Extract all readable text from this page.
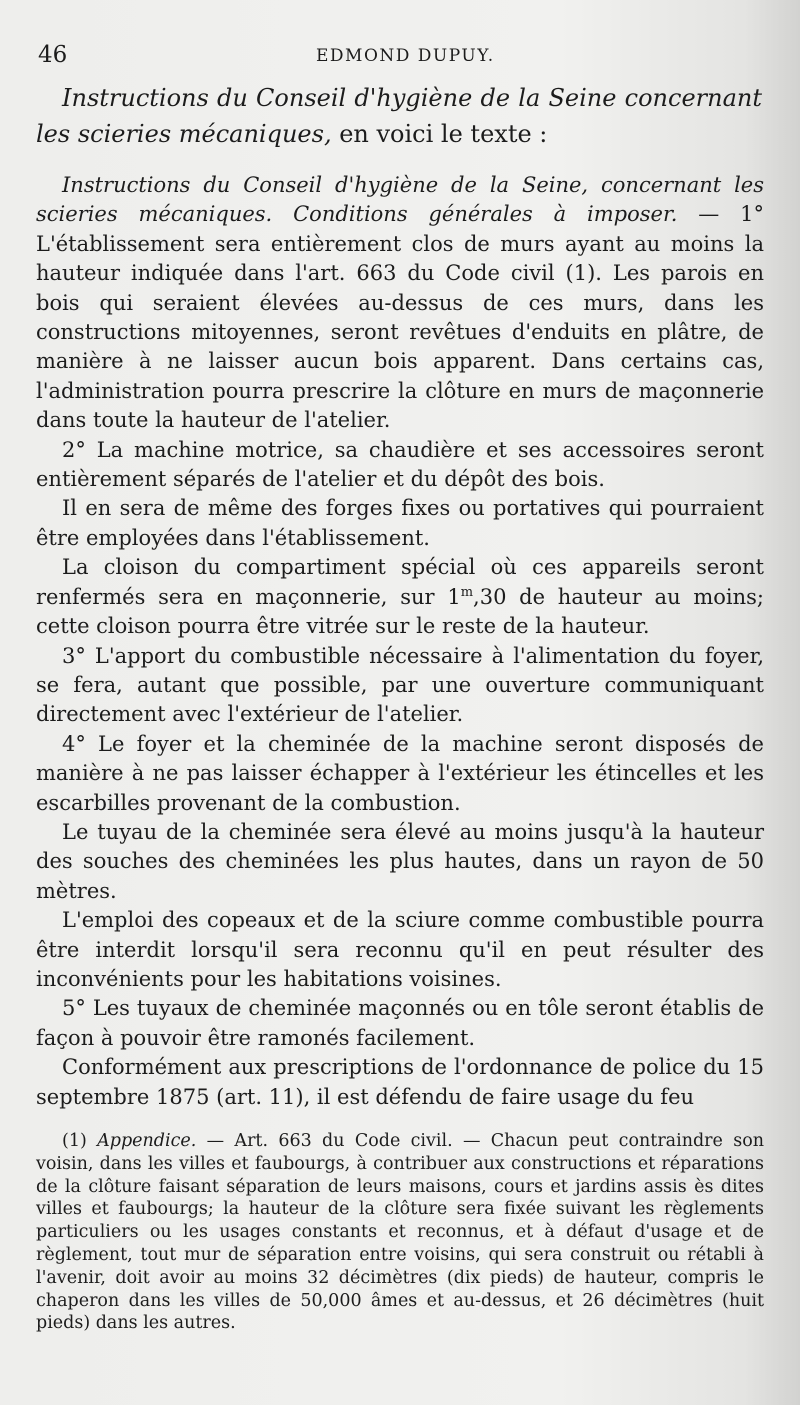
46	EDMOND DUPUY.

Instructions du Conseil d'hygiène de la Seine concernant les scieries mécaniques, en voici le texte :

Instructions du Conseil d'hygiène de la Seine, concernant les scieries mécaniques. Conditions générales à imposer. — 1° L'établissement sera entièrement clos de murs ayant au moins la hauteur indiquée dans l'art. 663 du Code civil (1). Les parois en bois qui seraient élevées au-dessus de ces murs, dans les constructions mitoyennes, seront revêtues d'enduits en plâtre, de manière à ne laisser aucun bois apparent. Dans certains cas, l'administration pourra prescrire la clôture en murs de maçonnerie dans toute la hauteur de l'atelier.

2° La machine motrice, sa chaudière et ses accessoires seront entièrement séparés de l'atelier et du dépôt des bois.

Il en sera de même des forges fixes ou portatives qui pourraient être employées dans l'établissement.

La cloison du compartiment spécial où ces appareils seront renfermés sera en maçonnerie, sur 1$^m$,30 de hauteur au moins; cette cloison pourra être vitrée sur le reste de la hauteur.

3° L'apport du combustible nécessaire à l'alimentation du foyer, se fera, autant que possible, par une ouverture communiquant directement avec l'extérieur de l'atelier.

4° Le foyer et la cheminée de la machine seront disposés de manière à ne pas laisser échapper à l'extérieur les étincelles et les escarbilles provenant de la combustion.

Le tuyau de la cheminée sera élevé au moins jusqu'à la hauteur des souches des cheminées les plus hautes, dans un rayon de 50 mètres.

L'emploi des copeaux et de la sciure comme combustible pourra être interdit lorsqu'il sera reconnu qu'il en peut résulter des inconvénients pour les habitations voisines.

5° Les tuyaux de cheminée maçonnés ou en tôle seront établis de façon à pouvoir être ramonés facilement.

Conformément aux prescriptions de l'ordonnance de police du 15 septembre 1875 (art. 11), il est défendu de faire usage du feu

(1) Appendice. — Art. 663 du Code civil. — Chacun peut contraindre son voisin, dans les villes et faubourgs, à contribuer aux constructions et réparations de la clôture faisant séparation de leurs maisons, cours et jardins assis ès dites villes et faubourgs; la hauteur de la clôture sera fixée suivant les règlements particuliers ou les usages constants et reconnus, et à défaut d'usage et de règlement, tout mur de séparation entre voisins, qui sera construit ou rétabli à l'avenir, doit avoir au moins 32 décimètres (dix pieds) de hauteur, compris le chaperon dans les villes de 50,000 âmes et au-dessus, et 26 décimètres (huit pieds) dans les autres.
